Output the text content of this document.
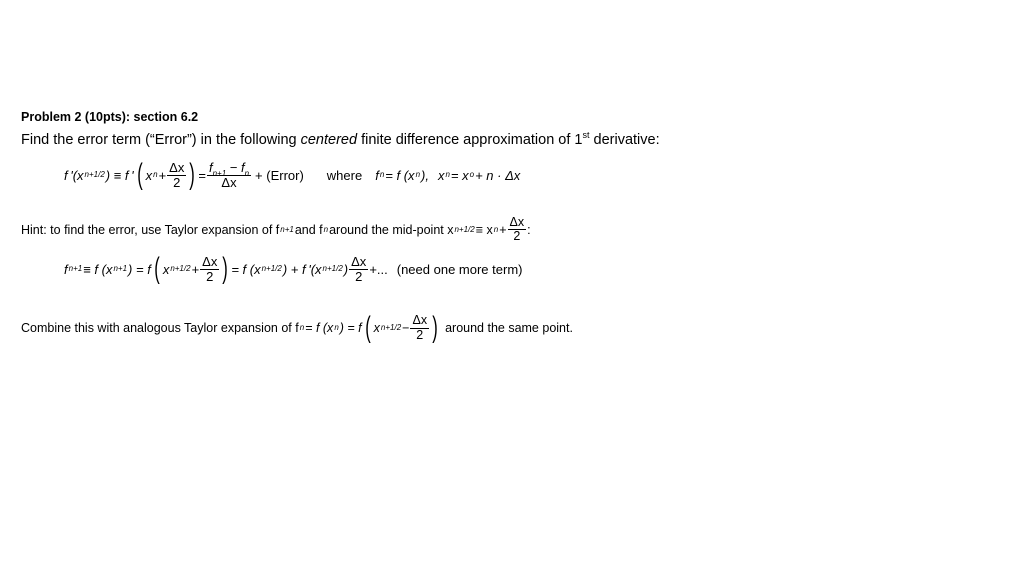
Problem 2 (10pts): section 6.2
Find the error term (“Error”) in the following centered finite difference approximation of 1st derivative:
f '(x n+1/2 ) ≡ f ' ( x $n + \frac{\Delta x}{2}$ ) = $\frac{f_{n+1} - f_n}{\Delta x}$ + (Error) where f n = f (x n ), x n = x o + n · Δx
Hint: to find the error, use Taylor expansion of f n+1 and f n around the mid-point x n+1/2 ≡ x $n + \frac{\Delta x}{2}$ :
f n+1 ≡ f (x n+1 ) = f ( x $n+1/2 + \frac{\Delta x}{2}$ ) = f (x n+1/2 ) + f '(x n+1/2 ) $\frac{\Delta x}{2}$ +... (need one more term)
Combine this with analogous Taylor expansion of f n = f (x n ) = f ( x $n+1/2 - \frac{\Delta x}{2}$ ) around the same point.
